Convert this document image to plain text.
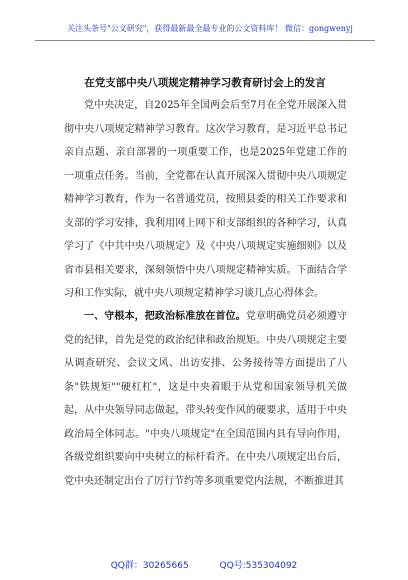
关注头条号"公文研究"，获得最新最全最专业的公文资料库！ 微信：gongwenyj
在党支部中央八项规定精神学习教育研讨会上的发言

党中央决定，自2025年全国两会后至7月在全党开展深入贯彻中央八项规定精神学习教育。这次学习教育，是习近平总书记亲自点题、亲自部署的一项重要工作，也是2025年党建工作的一项重点任务。当前，全党都在认真开展深入贯彻中央八项规定精神学习教育，作为一名普通党员，按照县委的相关工作要求和支部的学习安排，我利用网上网下和支部组织的各种学习，认真学习了《中共中央八项规定》及《中央八项规定实施细则》以及省市县相关要求，深刻领悟中央八项规定精神实质。下面结合学习和工作实际，就中央八项规定精神学习谈几点心得体会。

一、守根本，把政治标准放在首位。党章明确党员必须遵守党的纪律，首先是党的政治纪律和政治规矩。中央八项规定主要从调查研究、会议文风、出访安排、公务接待等方面提出了八条"铁规矩""硬杠杠"，这是中央着眼于从党和国家领导机关做起，从中央领导同志做起，带头转变作风的硬要求，适用于中央政治局全体同志。"中央八项规定"在全国范围内具有导向作用，各级党组织要向中央树立的标杆看齐。在中央八项规定出台后，党中央还制定出台了厉行节约等多项重要党内法规，不断推进其

QQ群：30265665	QQ号:535304092
